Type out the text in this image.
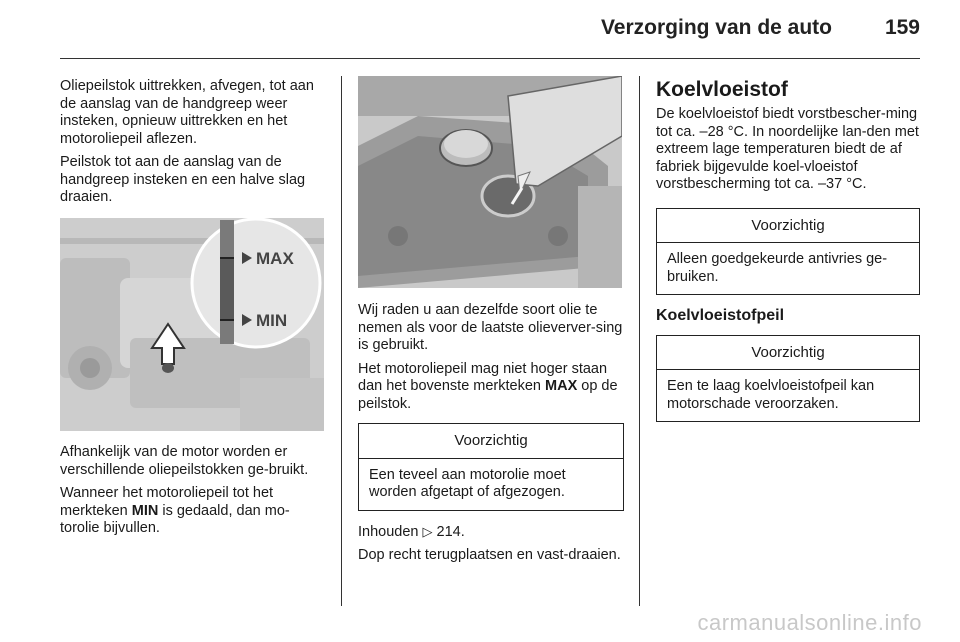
Verzorging van de auto	159

Oliepeilstok uittrekken, afvegen, tot aan de aanslag van de handgreep weer insteken, opnieuw uittrekken en het motoroliepeil aflezen.

Peilstok tot aan de aanslag van de handgreep insteken en een halve slag draaien.

MAX
MIN

Afhankelijk van de motor worden er verschillende oliepeilstokken ge-bruikt.

Wanneer het motoroliepeil tot het merkteken MIN is gedaald, dan mo-torolie bijvullen.

Wij raden u aan dezelfde soort olie te nemen als voor de laatste olieverver-sing is gebruikt.

Het motoroliepeil mag niet hoger staan dan het bovenste merkteken MAX op de peilstok.

Voorzichtig
Een teveel aan motorolie moet worden afgetapt of afgezogen.

Inhouden ▷ 214.

Dop recht terugplaatsen en vast-draaien.

Koelvloeistof

De koelvloeistof biedt vorstbescher-ming tot ca. –28 °C. In noordelijke lan-den met extreem lage temperaturen biedt de af fabriek bijgevulde koel-vloeistof vorstbescherming tot ca. –37 °C.

Voorzichtig
Alleen goedgekeurde antivries ge-bruiken.
Koelvloeistofpeil
Voorzichtig
Een te laag koelvloeistofpeil kan motorschade veroorzaken.
carmanualsonline.info
